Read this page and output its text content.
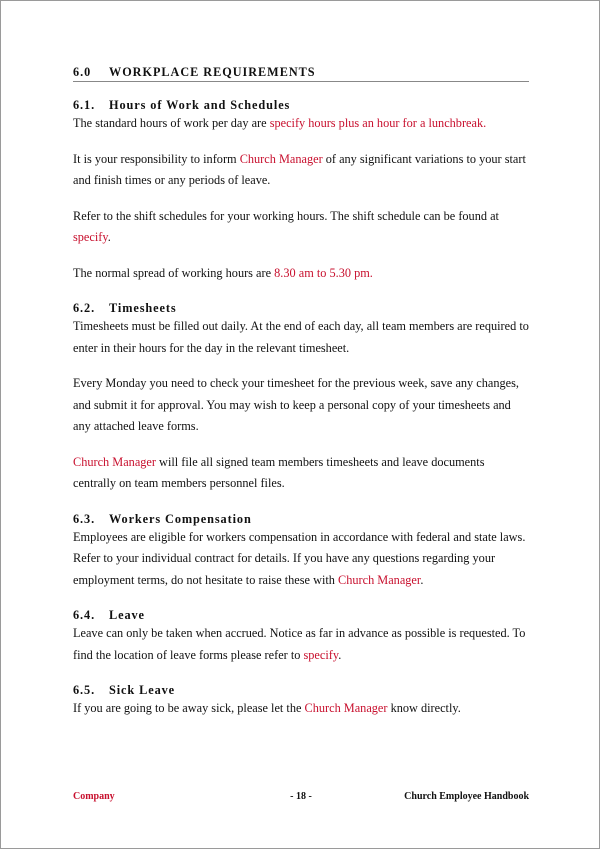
6.0 WORKPLACE REQUIREMENTS
6.1. Hours of Work and Schedules

The standard hours of work per day are specify hours plus an hour for a lunchbreak.

It is your responsibility to inform Church Manager of any significant variations to your start and finish times or any periods of leave.

Refer to the shift schedules for your working hours. The shift schedule can be found at specify.

The normal spread of working hours are 8.30 am to 5.30 pm.

6.2. Timesheets

Timesheets must be filled out daily. At the end of each day, all team members are required to enter in their hours for the day in the relevant timesheet.

Every Monday you need to check your timesheet for the previous week, save any changes, and submit it for approval. You may wish to keep a personal copy of your timesheets and any attached leave forms.

Church Manager will file all signed team members timesheets and leave documents centrally on team members personnel files.

6.3. Workers Compensation

Employees are eligible for workers compensation in accordance with federal and state laws. Refer to your individual contract for details. If you have any questions regarding your employment terms, do not hesitate to raise these with Church Manager.

6.4. Leave

Leave can only be taken when accrued. Notice as far in advance as possible is requested. To find the location of leave forms please refer to specify.

6.5. Sick Leave

If you are going to be away sick, please let the Church Manager know directly.

Company	- 18 -	Church Employee Handbook
